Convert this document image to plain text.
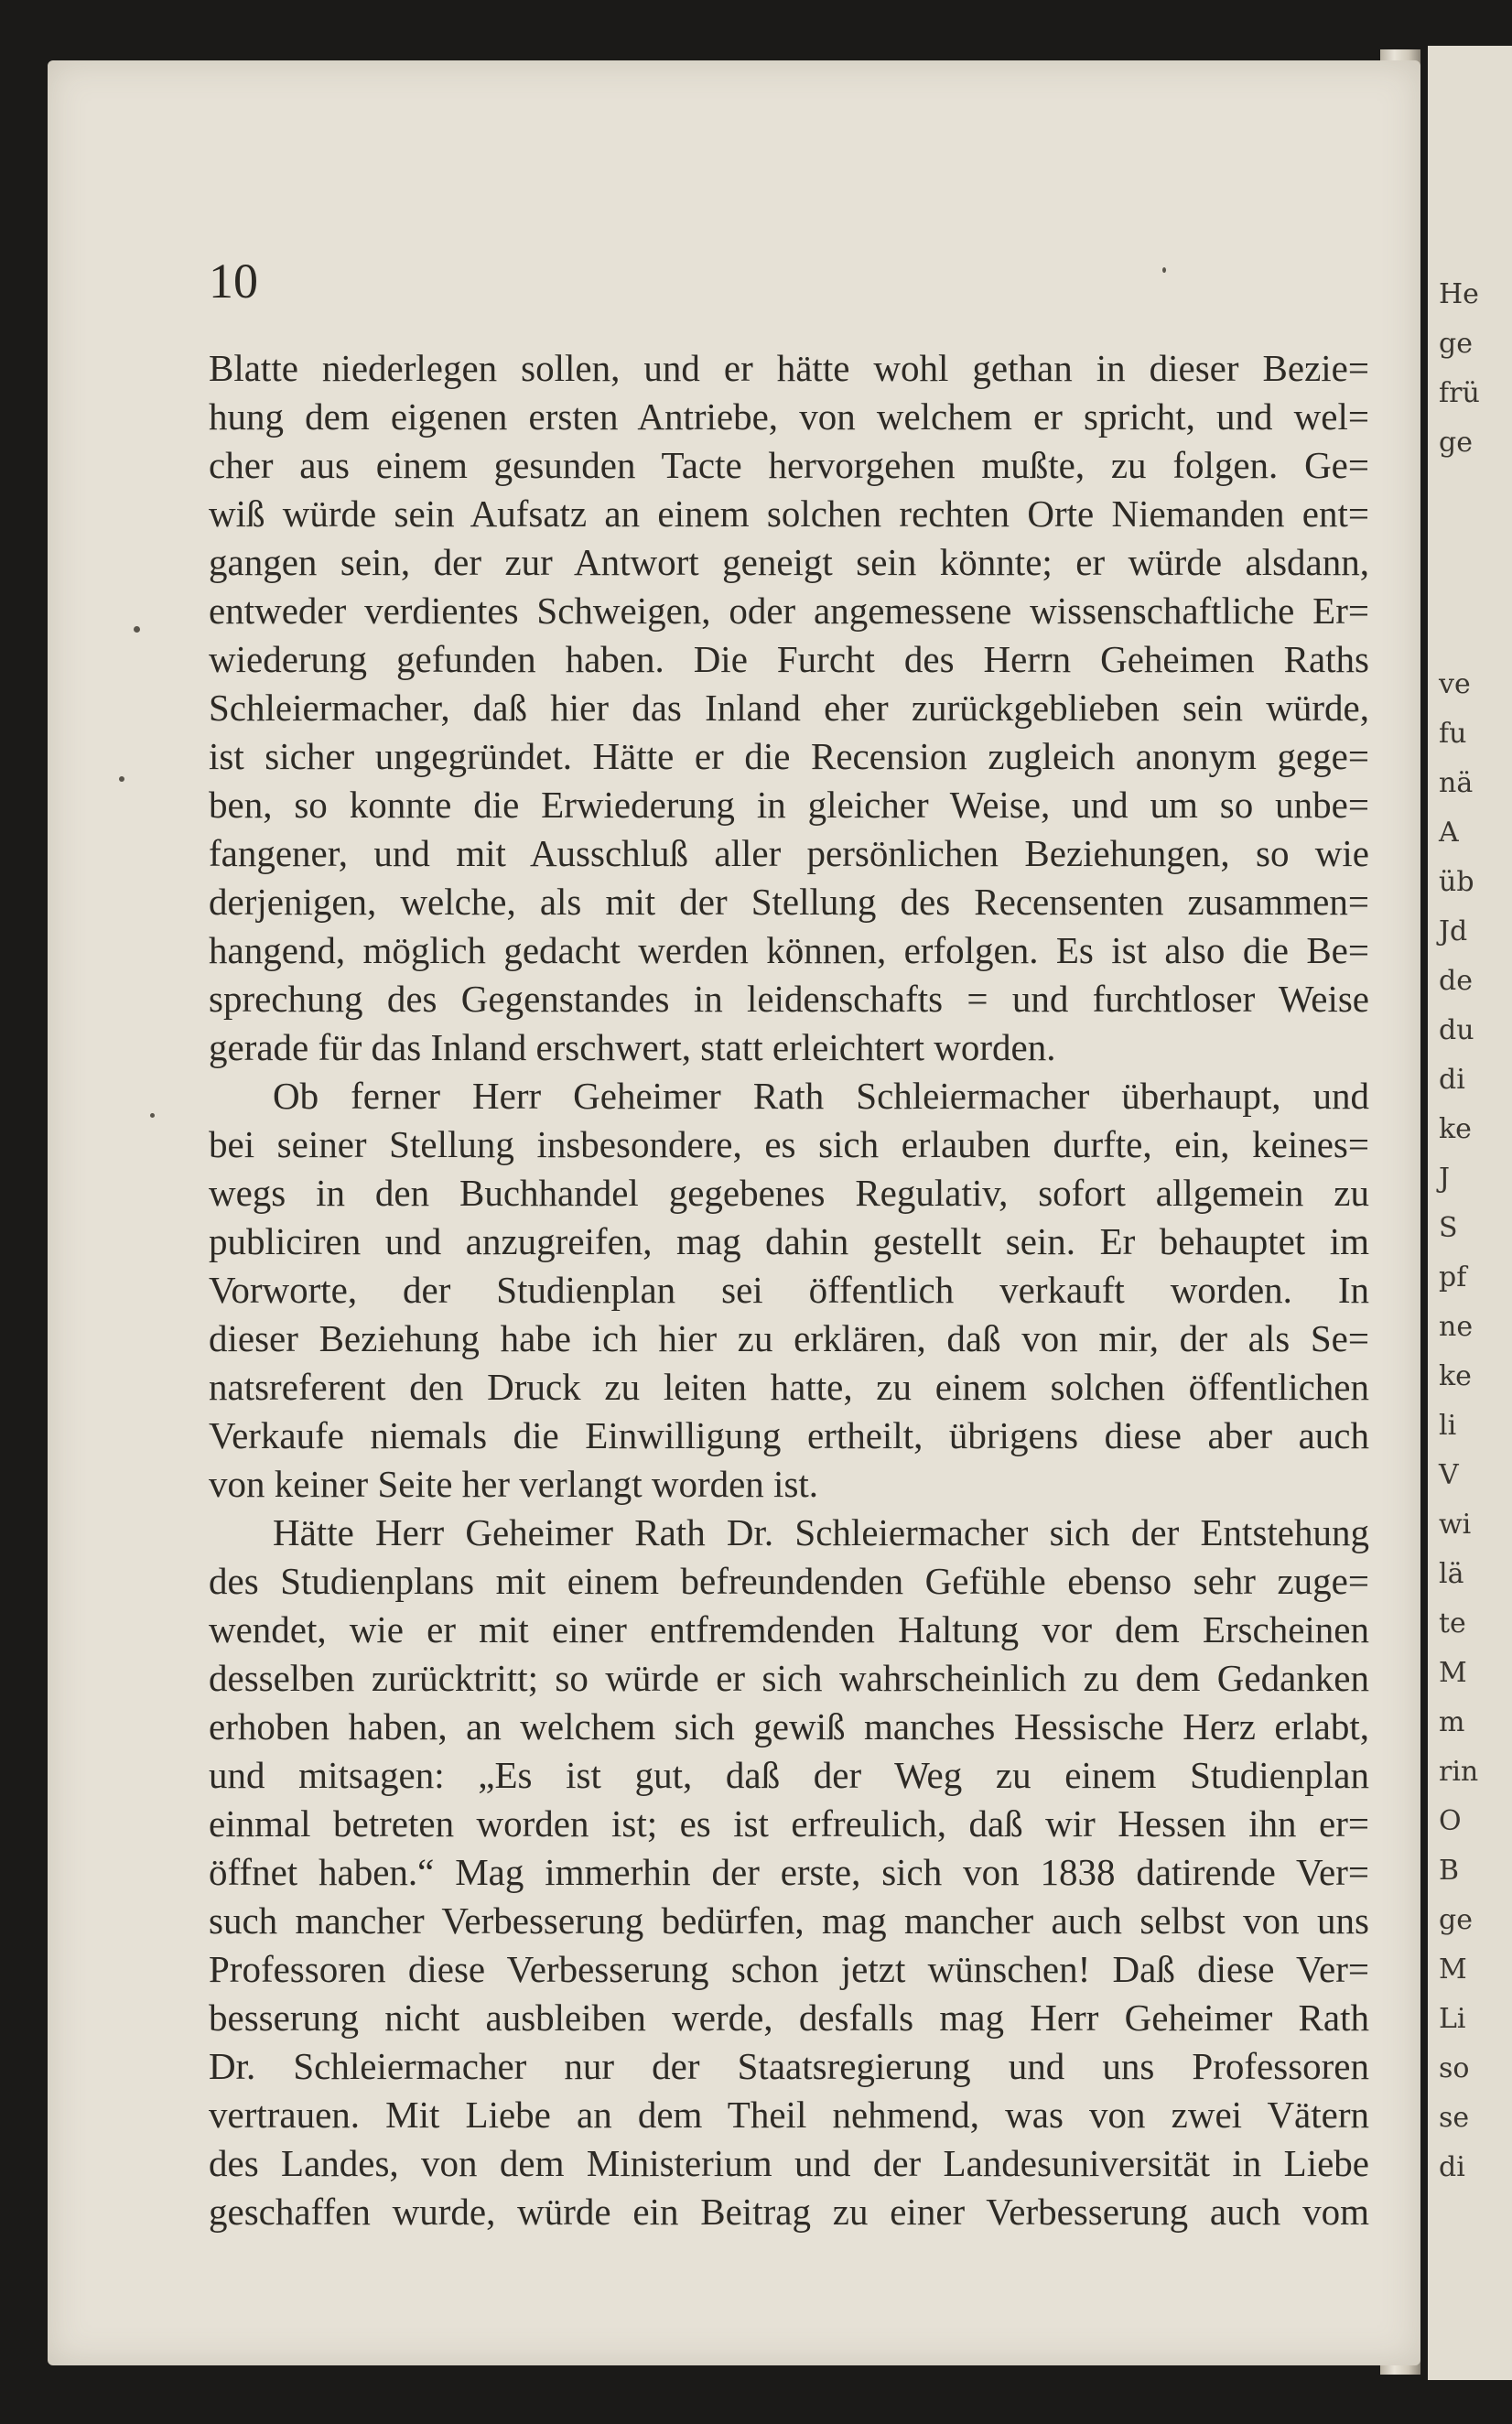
10
Blatte niederlegen sollen, und er hätte wohl gethan in dieser Bezie=
hung dem eigenen ersten Antriebe, von welchem er spricht, und wel=
cher aus einem gesunden Tacte hervorgehen mußte, zu folgen. Ge=
wiß würde sein Aufsatz an einem solchen rechten Orte Niemanden ent=
gangen sein, der zur Antwort geneigt sein könnte; er würde alsdann,
entweder verdientes Schweigen, oder angemessene wissenschaftliche Er=
wiederung gefunden haben. Die Furcht des Herrn Geheimen Raths
Schleiermacher, daß hier das Inland eher zurückgeblieben sein würde,
ist sicher ungegründet. Hätte er die Recension zugleich anonym gege=
ben, so konnte die Erwiederung in gleicher Weise, und um so unbe=
fangener, und mit Ausschluß aller persönlichen Beziehungen, so wie
derjenigen, welche, als mit der Stellung des Recensenten zusammen=
hangend, möglich gedacht werden können, erfolgen. Es ist also die Be=
sprechung des Gegenstandes in leidenschafts = und furchtloser Weise
gerade für das Inland erschwert, statt erleichtert worden.
Ob ferner Herr Geheimer Rath Schleiermacher überhaupt, und
bei seiner Stellung insbesondere, es sich erlauben durfte, ein, keines=
wegs in den Buchhandel gegebenes Regulativ, sofort allgemein zu
publiciren und anzugreifen, mag dahin gestellt sein. Er behauptet im
Vorworte, der Studienplan sei öffentlich verkauft worden. In
dieser Beziehung habe ich hier zu erklären, daß von mir, der als Se=
natsreferent den Druck zu leiten hatte, zu einem solchen öffentlichen
Verkaufe niemals die Einwilligung ertheilt, übrigens diese aber auch
von keiner Seite her verlangt worden ist.
Hätte Herr Geheimer Rath Dr. Schleiermacher sich der Entstehung
des Studienplans mit einem befreundenden Gefühle ebenso sehr zuge=
wendet, wie er mit einer entfremdenden Haltung vor dem Erscheinen
desselben zurücktritt; so würde er sich wahrscheinlich zu dem Gedanken
erhoben haben, an welchem sich gewiß manches Hessische Herz erlabt,
und mitsagen: „Es ist gut, daß der Weg zu einem Studienplan
einmal betreten worden ist; es ist erfreulich, daß wir Hessen ihn er=
öffnet haben.“ Mag immerhin der erste, sich von 1838 datirende Ver=
such mancher Verbesserung bedürfen, mag mancher auch selbst von uns
Professoren diese Verbesserung schon jetzt wünschen! Daß diese Ver=
besserung nicht ausbleiben werde, desfalls mag Herr Geheimer Rath
Dr. Schleiermacher nur der Staatsregierung und uns Professoren
vertrauen. Mit Liebe an dem Theil nehmend, was von zwei Vätern
des Landes, von dem Ministerium und der Landesuniversität in Liebe
geschaffen wurde, würde ein Beitrag zu einer Verbesserung auch vom
He
ge
frü
ge
ve
fu
nä
A
üb
Jd
de
du
di
ke
J
S
pf
ne
ke
li
V
wi
lä
te
M
m
rin
O
B
ge
M
Li
so
se
di
